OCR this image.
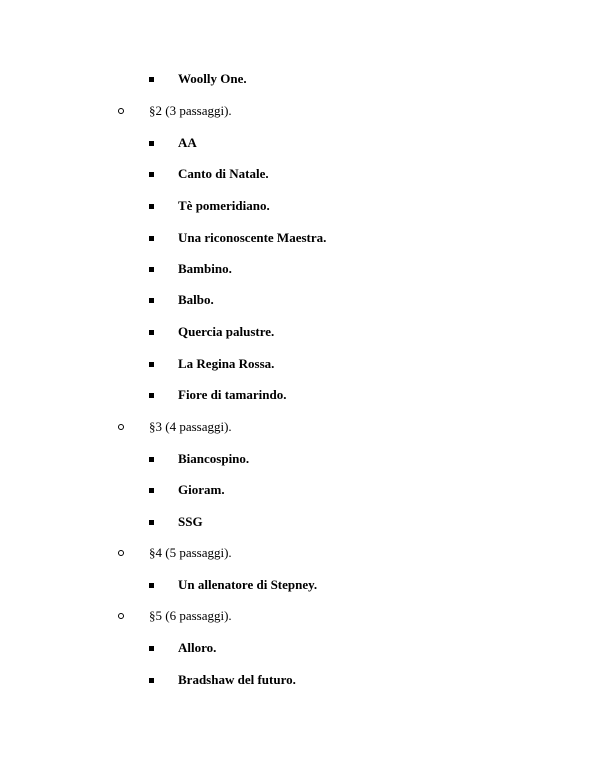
Woolly One.
§2 (3 passaggi).
AA
Canto di Natale.
Tè pomeridiano.
Una riconoscente Maestra.
Bambino.
Balbo.
Quercia palustre.
La Regina Rossa.
Fiore di tamarindo.
§3 (4 passaggi).
Biancospino.
Gioram.
SSG
§4 (5 passaggi).
Un allenatore di Stepney.
§5 (6 passaggi).
Alloro.
Bradshaw del futuro.
